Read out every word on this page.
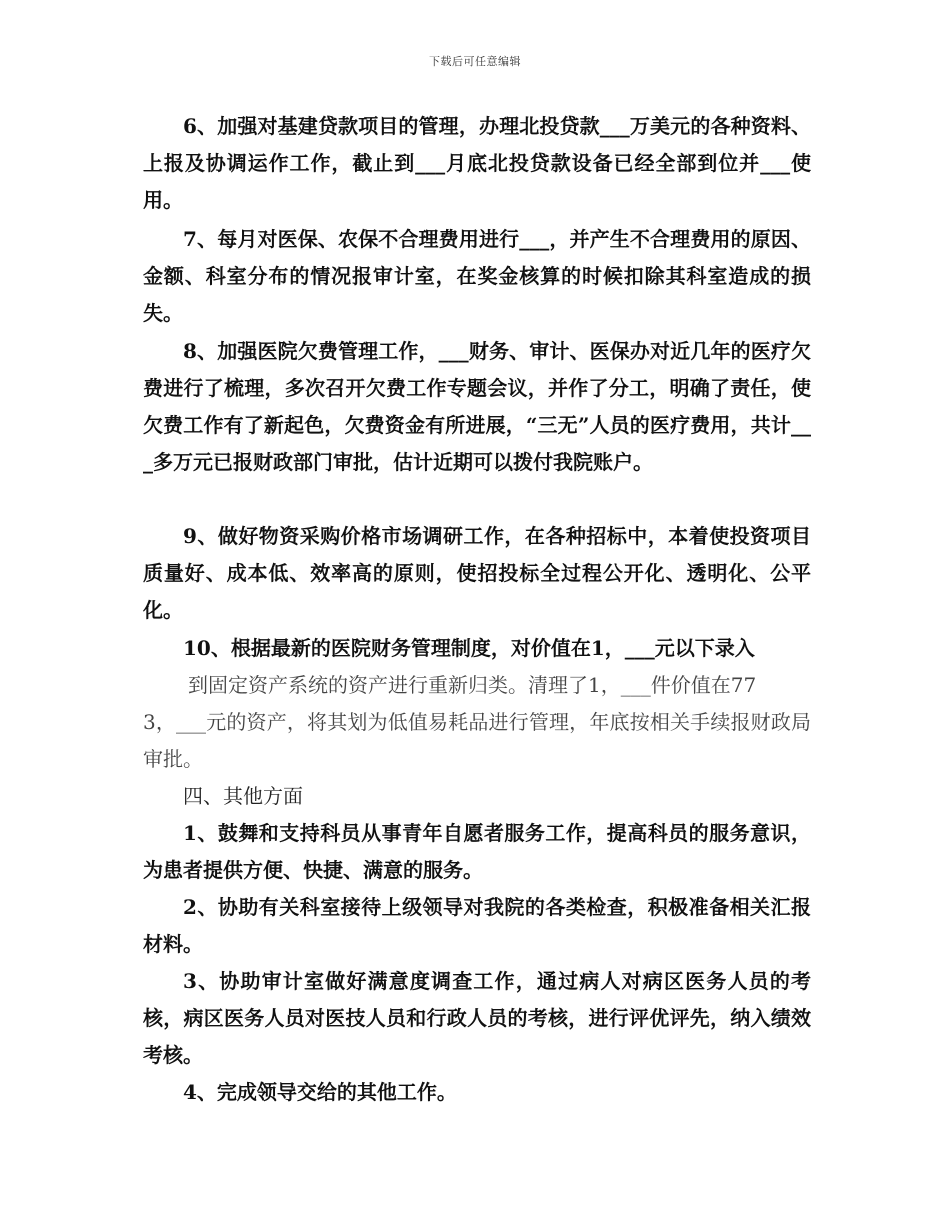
下载后可任意编辑

6、加强对基建贷款项目的管理，办理北投贷款___万美元的各种资料、上报及协调运作工作，截止到___月底北投贷款设备已经全部到位并___使用。

7、每月对医保、农保不合理费用进行___，并产生不合理费用的原因、金额、科室分布的情况报审计室，在奖金核算的时候扣除其科室造成的损失。

8、加强医院欠费管理工作，___财务、审计、医保办对近几年的医疗欠费进行了梳理，多次召开欠费工作专题会议，并作了分工，明确了责任，使欠费工作有了新起色，欠费资金有所进展，“三无”人员的医疗费用，共计___多万元已报财政部门审批，估计近期可以拨付我院账户。

9、做好物资采购价格市场调研工作，在各种招标中，本着使投资项目质量好、成本低、效率高的原则，使招投标全过程公开化、透明化、公平化。

10、根据最新的医院财务管理制度，对价值在1，___元以下录入

到固定资产系统的资产进行重新归类。清理了1，___件价值在77

3，___元的资产，将其划为低值易耗品进行管理，年底按相关手续报财政局审批。

四、其他方面

1、鼓舞和支持科员从事青年自愿者服务工作，提高科员的服务意识，为患者提供方便、快捷、满意的服务。

2、协助有关科室接待上级领导对我院的各类检查，积极准备相关汇报材料。

3、协助审计室做好满意度调查工作，通过病人对病区医务人员的考核，病区医务人员对医技人员和行政人员的考核，进行评优评先，纳入绩效考核。

4、完成领导交给的其他工作。
